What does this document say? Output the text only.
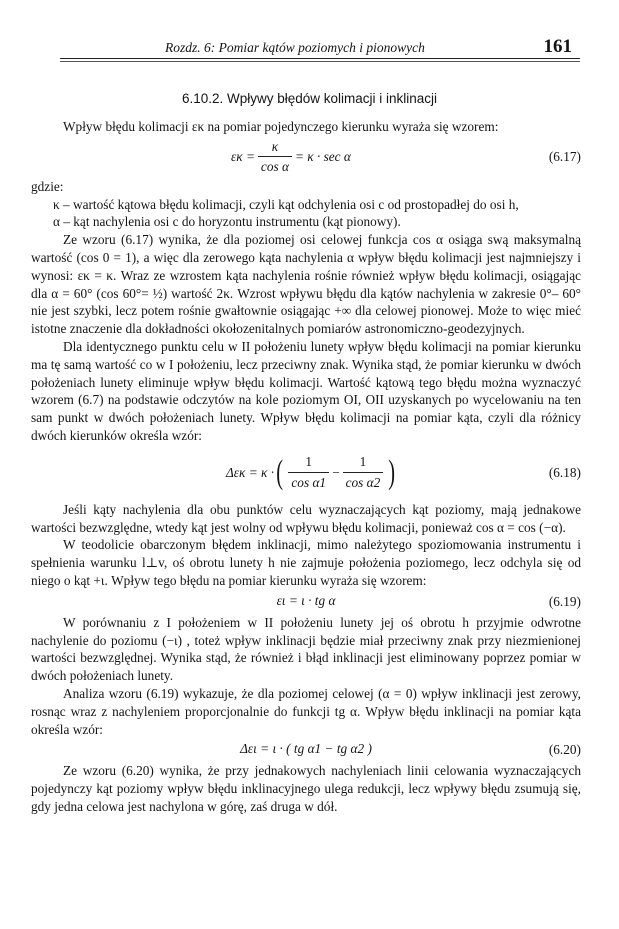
Rozdz. 6: Pomiar kątów poziomych i pionowych	161
6.10.2. Wpływy błędów kolimacji i inklinacji

Wpływ błędu kolimacji εκ na pomiar pojedynczego kierunku wyraża się wzorem:

$\varepsilon\kappa = \frac{\kappa}{\text{cos α}} = \kappa \cdot \sec \alpha$	(6.17)

gdzie:

κ – wartość kątowa błędu kolimacji, czyli kąt odchylenia osi c od prostopadłej do osi h,

α – kąt nachylenia osi c do horyzontu instrumentu (kąt pionowy).

Ze wzoru (6.17) wynika, że dla poziomej osi celowej funkcja cos α osiąga swą maksymalną wartość (cos 0 = 1), a więc dla zerowego kąta nachylenia α wpływ błędu kolimacji jest najmniejszy i wynosi: εκ = κ. Wraz ze wzrostem kąta nachylenia rośnie również wpływ błędu kolimacji, osiągając dla α = 60° (cos 60°= ½) wartość 2κ. Wzrost wpływu błędu dla kątów nachylenia w zakresie 0°– 60° nie jest szybki, lecz potem rośnie gwałtownie osiągając +∞ dla celowej pionowej. Może to więc mieć istotne znaczenie dla dokładności okołozenitalnych pomiarów astronomiczno-geodezyjnych.

Dla identycznego punktu celu w II położeniu lunety wpływ błędu kolimacji na pomiar kierunku ma tę samą wartość co w I położeniu, lecz przeciwny znak. Wynika stąd, że pomiar kierunku w dwóch położeniach lunety eliminuje wpływ błędu kolimacji. Wartość kątową tego błędu można wyznaczyć wzorem (6.7) na podstawie odczytów na kole poziomym OI, OII uzyskanych po wycelowaniu na ten sam punkt w dwóch położeniach lunety. Wpływ błędu kolimacji na pomiar kąta, czyli dla różnicy dwóch kierunków określa wzór:

Δεκ = κ · ( $\frac{1}{\text{cos α1}} - \frac{1}{\text{cos α2}}$ )	(6.18)

Jeśli kąty nachylenia dla obu punktów celu wyznaczających kąt poziomy, mają jednakowe wartości bezwzględne, wtedy kąt jest wolny od wpływu błędu kolimacji, ponieważ cos α = cos (−α).

W teodolicie obarczonym błędem inklinacji, mimo należytego spoziomowania instrumentu i spełnienia warunku l⊥v, oś obrotu lunety h nie zajmuje położenia poziomego, lecz odchyla się od niego o kąt +ι. Wpływ tego błędu na pomiar kierunku wyraża się wzorem:

ει = ι · tg α	(6.19)

W porównaniu z I położeniem w II położeniu lunety jej oś obrotu h przyjmie odwrotne nachylenie do poziomu (−ι) , toteż wpływ inklinacji będzie miał przeciwny znak przy niezmienionej wartości bezwzględnej. Wynika stąd, że również i błąd inklinacji jest eliminowany poprzez pomiar w dwóch położeniach lunety.

Analiza wzoru (6.19) wykazuje, że dla poziomej celowej (α = 0) wpływ inklinacji jest zerowy, rosnąc wraz z nachyleniem proporcjonalnie do funkcji tg α. Wpływ błędu inklinacji na pomiar kąta określa wzór:

Δει = ι · ( tg α1 − tg α2 )	(6.20)

Ze wzoru (6.20) wynika, że przy jednakowych nachyleniach linii celowania wyznaczających pojedynczy kąt poziomy wpływ błędu inklinacyjnego ulega redukcji, lecz wpływy błędu zsumują się, gdy jedna celowa jest nachylona w górę, zaś druga w dół.
